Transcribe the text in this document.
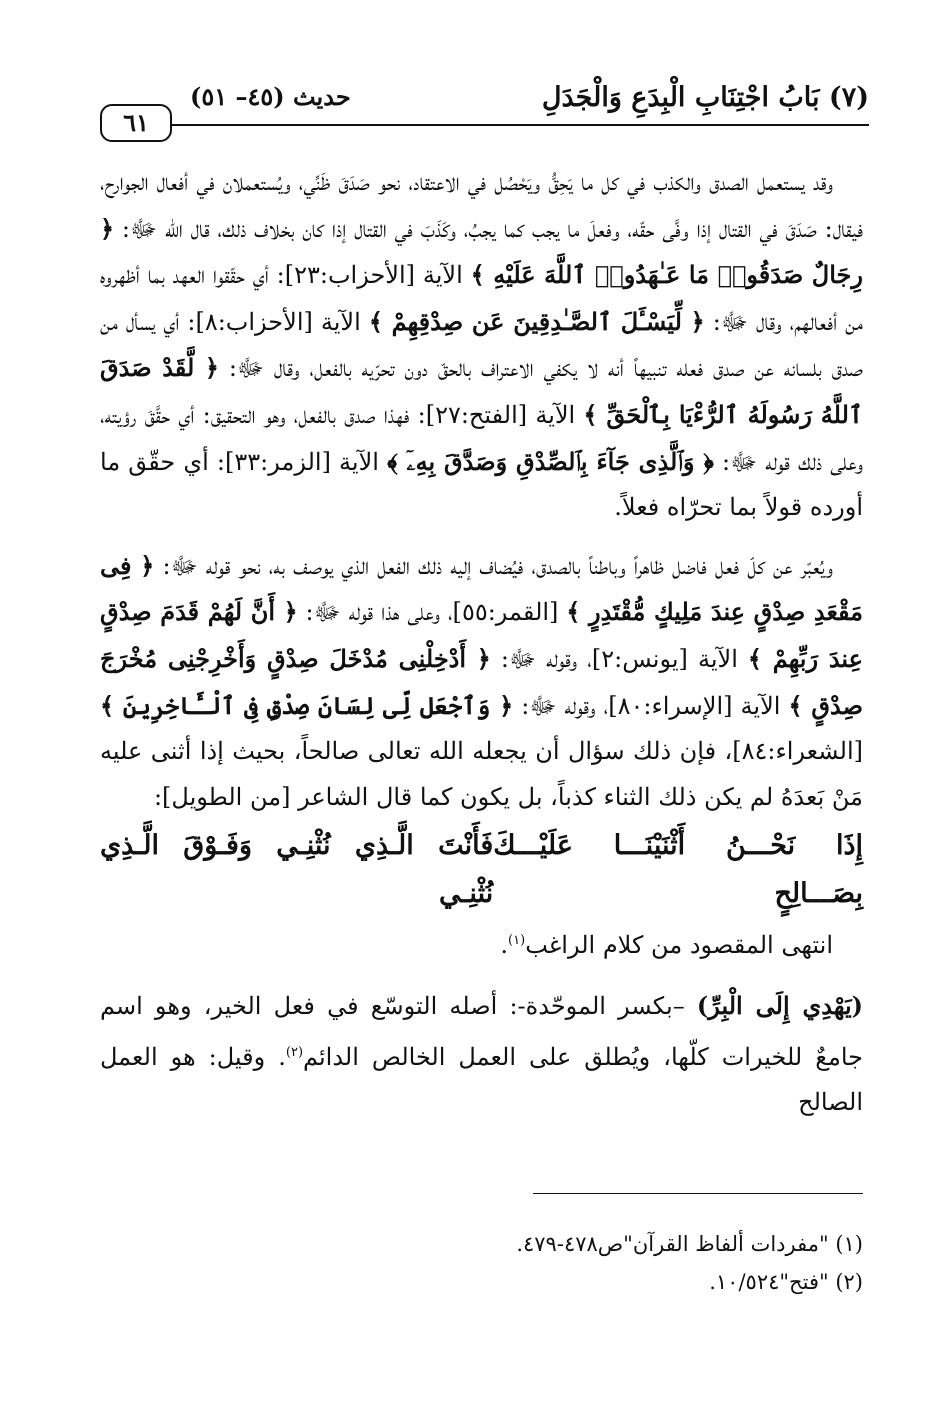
(٧) بَابُ اجْتِنَابِ الْبِدَعِ وَالْجَدَلِ
حديث (٤٥– ٥١)
٦١

وقد يستعمل الصدق والكذب في كل ما يَحِقُّ ويَحْصُل في الاعتقاد، نحو صَدَقَ ظَنِّي، ويُستعملان في أفعال الجوارح، فيقال: صَدَقَ في القتال إذا وفَّى حقّه، وفعلَ ما يجب كما يجبُ، وكَذَبَ في القتال إذا كان بخلاف ذلك، قال الله ﷻ: ﴿ رِجَالٌ صَدَقُوا۟ مَا عَـٰهَدُوا۟ ٱللَّهَ عَلَيْهِ ﴾ الآية [الأحزاب:٢٣]: أي حقّقوا العهد بما أظهروه من أفعالهم، وقال ﷻ: ﴿ لِّيَسْـَٔلَ ٱلصَّـٰدِقِينَ عَن صِدْقِهِمْ ﴾ الآية [الأحزاب:٨]: أي يسأل من صدق بلسانه عن صدق فعله تنبيهاً أنه لا يكفي الاعتراف بالحقّ دون تحرّيه بالفعل، وقال ﷻ: ﴿ لَّقَدْ صَدَقَ ٱللَّهُ رَسُولَهُ ٱلرُّءْيَا بِٱلْحَقِّ ﴾ الآية [الفتح:٢٧]: فهذا صدق بالفعل، وهو التحقيق: أي حقَّقَ رؤيته، وعلى ذلك قوله ﷻ: ﴿ وَٱلَّذِى جَآءَ بِٱلصِّدْقِ وَصَدَّقَ بِهِۦٓ ﴾ الآية [الزمر:٣٣]: أي حقّق ما أورده قولاً بما تحرّاه فعلاً.

ويُعبّر عن كلّ فعل فاضل ظاهراً وباطناً بالصدق، فيُضاف إليه ذلك الفعل الذي يوصف به، نحو قوله ﷻ: ﴿ فِى مَقْعَدِ صِدْقٍ عِندَ مَلِيكٍ مُّقْتَدِرٍ ﴾ [القمر:٥٥]، وعلى هذا قوله ﷻ: ﴿ أَنَّ لَهُمْ قَدَمَ صِدْقٍ عِندَ رَبِّهِمْ ﴾ الآية [يونس:٢]، وقوله ﷻ: ﴿ أَدْخِلْنِى مُدْخَلَ صِدْقٍ وَأَخْرِجْنِى مُخْرَجَ صِدْقٍ ﴾ الآية [الإسراء:٨٠]، وقوله ﷻ: ﴿ وَٱجْعَل لِّى لِسَانَ صِدْقٍ فِى ٱلْـَٔاخِرِينَ ﴾ [الشعراء:٨٤]، فإن ذلك سؤال أن يجعله الله تعالى صالحاً، بحيث إذا أثنى عليه مَنْ بَعدَهُ لم يكن ذلك الثناء كذباً، بل يكون كما قال الشاعر [من الطويل]:

إِذَا نَحْـــنُ أَثْنَيْنَـــا عَلَيْـــكَ بِصَـــالِحٍ
فَأَنْتَ الَّـذِي نُثْنِـي وَفَـوْقَ الَّـذِي نُثْنِـي

انتهى المقصود من كلام الراغب$^{(١)}$.

(يَهْدِي إِلَى الْبِرِّ) –بكسر الموحّدة-: أصله التوسّع في فعل الخير، وهو اسم جامعٌ للخيرات كلّها، ويُطلق على العمل الخالص الدائم$^{(٢)}$. وقيل: هو العمل الصالح

(١) "مفردات ألفاظ القرآن"ص٤٧٨-٤٧٩.

(٢) "فتح"١٠/٥٢٤.
